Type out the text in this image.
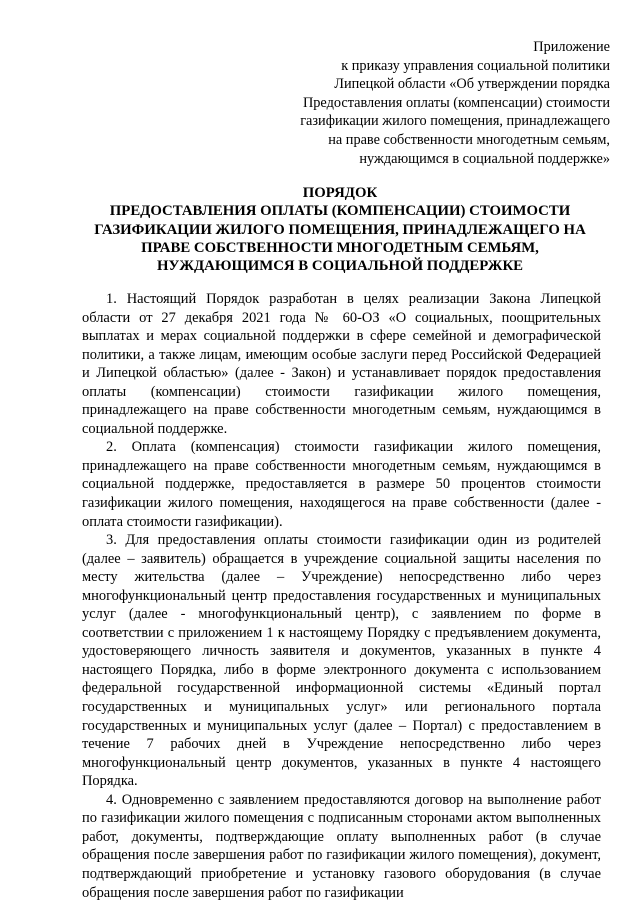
Приложение
к приказу управления социальной политики
Липецкой области «Об утверждении порядка
Предоставления оплаты (компенсации) стоимости
газификации жилого помещения, принадлежащего
на праве собственности многодетным семьям,
нуждающимся в социальной поддержке»
ПОРЯДОК
ПРЕДОСТАВЛЕНИЯ ОПЛАТЫ (КОМПЕНСАЦИИ) СТОИМОСТИ
ГАЗИФИКАЦИИ ЖИЛОГО ПОМЕЩЕНИЯ, ПРИНАДЛЕЖАЩЕГО НА
ПРАВЕ СОБСТВЕННОСТИ МНОГОДЕТНЫМ СЕМЬЯМ,
НУЖДАЮЩИМСЯ В СОЦИАЛЬНОЙ ПОДДЕРЖКЕ

1. Настоящий Порядок разработан в целях реализации Закона Липецкой области от 27 декабря 2021 года № 60-ОЗ «О социальных, поощрительных выплатах и мерах социальной поддержки в сфере семейной и демографической политики, а также лицам, имеющим особые заслуги перед Российской Федерацией и Липецкой областью» (далее - Закон) и устанавливает порядок предоставления оплаты (компенсации) стоимости газификации жилого помещения, принадлежащего на праве собственности многодетным семьям, нуждающимся в социальной поддержке.

2. Оплата (компенсация) стоимости газификации жилого помещения, принадлежащего на праве собственности многодетным семьям, нуждающимся в социальной поддержке, предоставляется в размере 50 процентов стоимости газификации жилого помещения, находящегося на праве собственности (далее - оплата стоимости газификации).

3. Для предоставления оплаты стоимости газификации один из родителей (далее – заявитель) обращается в учреждение социальной защиты населения по месту жительства (далее – Учреждение) непосредственно либо через многофункциональный центр предоставления государственных и муниципальных услуг (далее - многофункциональный центр), с заявлением по форме в соответствии с приложением 1 к настоящему Порядку с предъявлением документа, удостоверяющего личность заявителя и документов, указанных в пункте 4 настоящего Порядка, либо в форме электронного документа с использованием федеральной государственной информационной системы «Единый портал государственных и муниципальных услуг» или регионального портала государственных и муниципальных услуг (далее – Портал) с предоставлением в течение 7 рабочих дней в Учреждение непосредственно либо через многофункциональный центр документов, указанных в пункте 4 настоящего Порядка.

4. Одновременно с заявлением предоставляются договор на выполнение работ по газификации жилого помещения с подписанным сторонами актом выполненных работ, документы, подтверждающие оплату выполненных работ (в случае обращения после завершения работ по газификации жилого помещения), документ, подтверждающий приобретение и установку газового оборудования (в случае обращения после завершения работ по газификации
